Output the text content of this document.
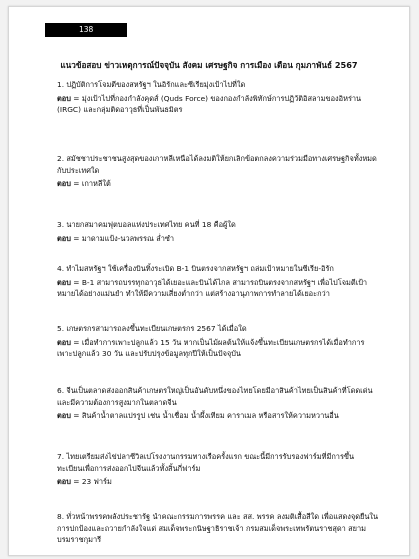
138
แนวข้อสอบ ข่าวเหตุการณ์ปัจจุบัน สังคม เศรษฐกิจ การเมือง เดือน กุมภาพันธ์ 2567
1. ปฏิบัติการโจมตีของสหรัฐฯ ในอิรักและซีเรียมุ่งเป้าไปที่ใด
ตอบ = มุ่งเป้าไปที่กองกำลังคุดส์ (Quds Force) ของกองกำลังพิทักษ์การปฏิวัติอิสลามของอิหร่าน (IRGC) และกลุ่มติดอาวุธที่เป็นพันธมิตร
2. สมัชชาประชาชนสูงสุดของเกาหลีเหนือได้ลงมติให้ยกเลิกข้อตกลงความร่วมมือทางเศรษฐกิจทั้งหมดกับประเทศใด
ตอบ = เกาหลีใต้
3. นายกสมาคมฟุตบอลแห่งประเทศไทย คนที่ 18 คือผู้ใด
ตอบ = มาดามแป้ง-นวลพรรณ ล่ำซำ
4. ทำไมสหรัฐฯ ใช้เครื่องบินทิ้งระเบิด B-1 บินตรงจากสหรัฐฯ ถล่มเป้าหมายในซีเรีย-อิรัก
ตอบ = B-1 สามารถบรรทุกอาวุธได้เยอะและบินได้ไกล สามารถบินตรงจากสหรัฐฯ เพื่อไปโจมตีเป้าหมายได้อย่างแม่นยำ ทำให้มีความเสี่ยงต่ำกว่า แต่สร้างอานุภาพการทำลายได้เยอะกว่า
5. เกษตรกรสามารถลงขึ้นทะเบียนเกษตรกร 2567 ได้เมื่อใด
ตอบ = เมื่อทำการเพาะปลูกแล้ว 15 วัน หากเป็นไม้ผลต้นให้แจ้งขึ้นทะเบียนเกษตรกรได้เมื่อทำการเพาะปลูกแล้ว 30 วัน และปรับปรุงข้อมูลทุกปีให้เป็นปัจจุบัน
6. จีนเป็นตลาดส่งออกสินค้าเกษตรใหญ่เป็นอันดับหนึ่งของไทยโดยมีอาสินค้าไทยเป็นสินค้าที่โดดเด่นและมีความต้องการสูงมากในตลาดจีน
ตอบ = สินค้าน้ำตาลแปรรูป เช่น น้ำเชื่อม น้ำผึ้งเทียม คาราเมล หรือสารให้ความหวานอื่น
7. ไทยเตรียมส่งไข่ปลาซีวิลเปโรงงานกรรมทางเรือครั้งแรก ขณะนี้มีการรับรองฟาร์มที่มีการขึ้นทะเบียนเพื่อการส่งออกไปจีนแล้วทั้งสิ้นกี่ฟาร์ม
ตอบ = 23 ฟาร์ม
8. ทั่วหน้าพรรคพลังประชารัฐ นำคณะกรรมการพรรค และ สส. พรรค ลงมติเสื้อสีใด เพื่อแสดงจุดยืนในการปกป้องและถวายกำลังใจแด่ สมเด็จพระกนิษฐาธิราชเจ้า กรมสมเด็จพระเทพรัตนราชสุดา สยามบรมราชกุมารี
